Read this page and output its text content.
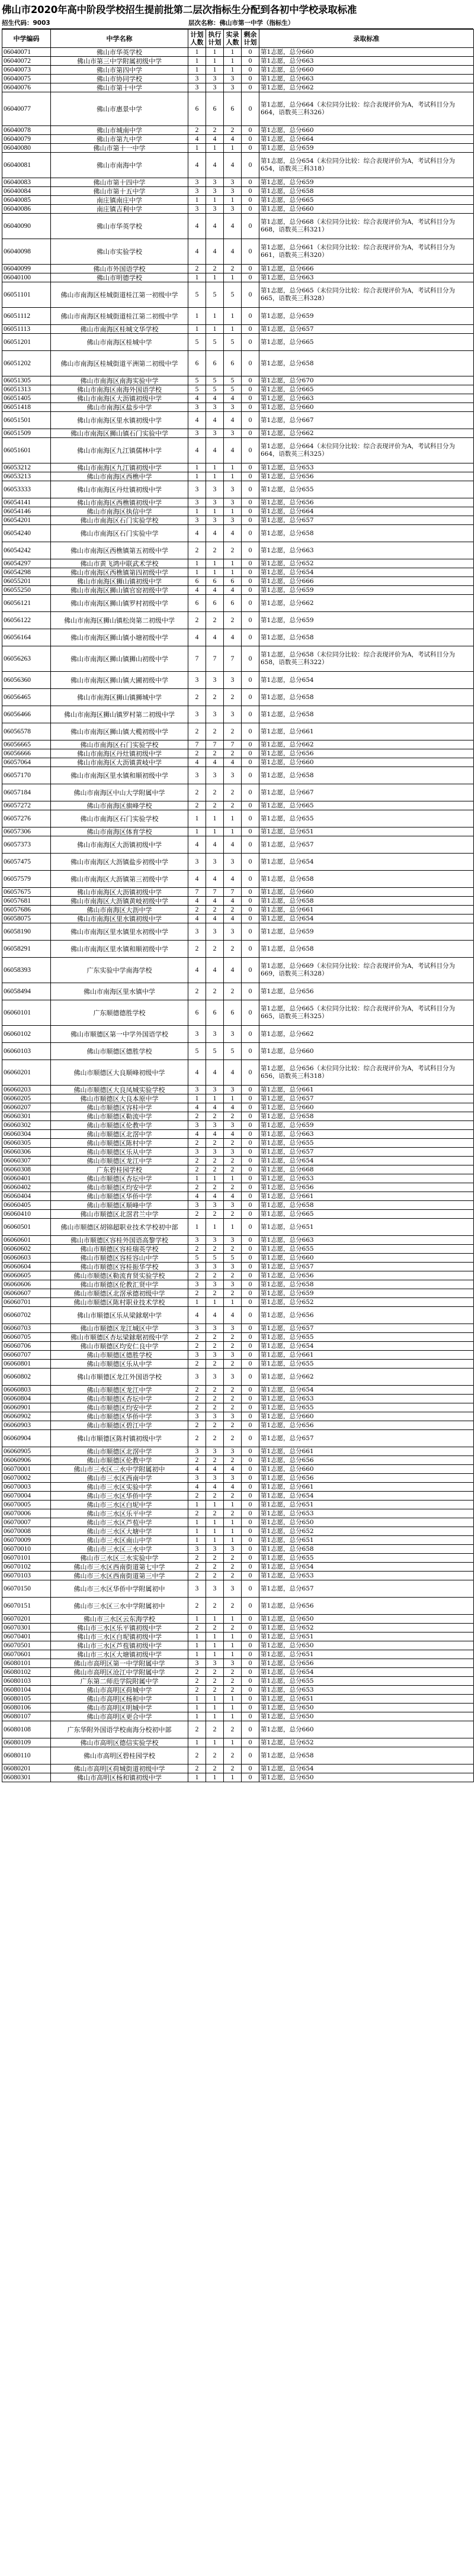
佛山市2020年高中阶段学校招生提前批第二层次指标生分配到各初中学校录取标准
招生代码：9003	层次名称：佛山市第一中学（指标生）
中学编码	中学名称	计划人数	执行计划	实录人数	剩余计划	录取标准
06040071	佛山市华英学校	1	1	1	0	第1志愿，总分660
06040072	佛山市第三中学附属初级中学	1	1	1	0	第1志愿，总分663
06040073	佛山市第四中学	1	1	1	0	第1志愿，总分660
06040075	佛山市协同学校	3	3	3	0	第1志愿，总分663
06040076	佛山市第十中学	3	3	3	0	第1志愿，总分662
06040077	佛山市惠景中学	6	6	6	0	第1志愿，总分664（末位同分比较：综合表现评价为A，考试科目分为664，语数英三科326）
06040078	佛山市城南中学	2	2	2	0	第1志愿，总分660
06040079	佛山市第九中学	4	4	4	0	第1志愿，总分664
06040080	佛山市第十一中学	1	1	1	0	第1志愿，总分659
06040081	佛山市南海中学	4	4	4	0	第1志愿，总分654（末位同分比较：综合表现评价为A，考试科目分为654，语数英三科318）
06040083	佛山市第十四中学	3	3	3	0	第1志愿，总分659
06040084	佛山市第十五中学	3	3	3	0	第1志愿，总分658
06040085	南庄镇南庄中学	1	1	1	0	第1志愿，总分665
06040086	南庄镇吉利中学	3	3	3	0	第1志愿，总分660
06040090	佛山市华英学校	4	4	4	0	第1志愿，总分668（末位同分比较：综合表现评价为A，考试科目分为668，语数英三科321）
06040098	佛山市实验学校	4	4	4	0	第1志愿，总分661（末位同分比较：综合表现评价为A，考试科目分为661，语数英三科320）
06040099	佛山市外国语学校	2	2	2	0	第1志愿，总分666
06040100	佛山市明德学校	1	1	1	0	第1志愿，总分663
06051101	佛山市南海区桂城街道桂江第一初级中学	5	5	5	0	第1志愿，总分665（末位同分比较：综合表现评价为A，考试科目分为665，语数英三科328）
06051112	佛山市南海区桂城街道桂江第二初级中学	1	1	1	0	第1志愿，总分659
06051113	佛山市南海区桂城文华学校	1	1	1	0	第1志愿，总分657
06051201	佛山市南海区桂城中学	5	5	5	0	第1志愿，总分665
06051202	佛山市南海区桂城街道平洲第二初级中学	6	6	6	0	第1志愿，总分658
06051305	佛山市南海区南海实验中学	5	5	5	0	第1志愿，总分670
06051313	佛山市南海区南海外国语学校	5	5	5	0	第1志愿，总分665
06051405	佛山市南海区大沥镇初级中学	4	4	4	0	第1志愿，总分663
06051418	佛山市南海区盐步中学	3	3	3	0	第1志愿，总分660
06051501	佛山市南海区里水镇初级中学	4	4	4	0	第1志愿，总分667
06051509	佛山市南海区狮山镇石门实验中学	3	3	3	0	第1志愿，总分662
06051601	佛山市南海区九江镇儒林中学	4	4	4	0	第1志愿，总分664（末位同分比较：综合表现评价为A，考试科目分为664，语数英三科325）
06053212	佛山市南海区九江镇初级中学	1	1	1	0	第1志愿，总分653
06053213	佛山市南海区西樵中学	1	1	1	0	第1志愿，总分656
06053333	佛山市南海区丹灶镇初级中学	3	3	3	0	第1志愿，总分655
06054141	佛山市南海区西樵镇初级中学	3	3	3	0	第1志愿，总分656
06054146	佛山市南海区执信中学	1	1	1	0	第1志愿，总分664
06054201	佛山市南海区石门实验学校	3	3	3	0	第1志愿，总分657
06054240	佛山市南海区石门实验中学	4	4	4	0	第1志愿，总分658
06054242	佛山市南海区西樵镇第五初级中学	2	2	2	0	第1志愿，总分663
06054297	佛山市黄飞鸿中联武术学校	1	1	1	0	第1志愿，总分652
06054298	佛山市南海区西樵镇第四初级中学	1	1	1	0	第1志愿，总分654
06055201	佛山市南海区狮山镇初级中学	6	6	6	0	第1志愿，总分666
06055250	佛山市南海区狮山镇官窑初级中学	4	4	4	0	第1志愿，总分659
06056121	佛山市南海区狮山镇罗村初级中学	6	6	6	0	第1志愿，总分662
06056122	佛山市南海区狮山镇松岗第二初级中学	2	2	2	0	第1志愿，总分659
06056164	佛山市南海区狮山镇小塘初级中学	4	4	4	0	第1志愿，总分658
06056263	佛山市南海区狮山镇狮山初级中学	7	7	7	0	第1志愿，总分658（末位同分比较：综合表现评价为A，考试科目分为658，语数英三科322）
06056360	佛山市南海区狮山镇大圃初级中学	3	3	3	0	第1志愿，总分654
06056465	佛山市南海区狮山镇狮城中学	2	2	2	0	第1志愿，总分658
06056466	佛山市南海区狮山镇罗村第二初级中学	3	3	3	0	第1志愿，总分658
06056578	佛山市南海区狮山镇大榄初级中学	2	2	2	0	第1志愿，总分661
06056665	佛山市南海区石门实验学校	7	7	7	0	第1志愿，总分662
06056666	佛山市南海区丹灶镇初级中学	2	2	2	0	第1志愿，总分656
06057064	佛山市南海区大沥镇黄岐中学	4	4	4	0	第1志愿，总分660
06057170	佛山市南海区里水镇和顺初级中学	3	3	3	0	第1志愿，总分658
06057184	佛山市南海区中山大学附属中学	2	2	2	0	第1志愿，总分667
06057272	佛山市南海区旗峰学校	2	2	2	0	第1志愿，总分665
06057276	佛山市南海区石门实验学校	1	1	1	0	第1志愿，总分655
06057306	佛山市南海区体育学校	1	1	1	0	第1志愿，总分651
06057373	佛山市南海区大沥镇初级中学	4	4	4	0	第1志愿，总分657
06057475	佛山市南海区大沥镇盐步初级中学	3	3	3	0	第1志愿，总分654
06057579	佛山市南海区大沥镇第三初级中学	4	4	4	0	第1志愿，总分658
06057675	佛山市南海区大沥镇初级中学	7	7	7	0	第1志愿，总分660
06057681	佛山市南海区大沥镇黄岐初级中学	4	4	4	0	第1志愿，总分658
06057686	佛山市南海区大沥中学	2	2	2	0	第1志愿，总分661
06058075	佛山市南海区里水镇初级中学	4	4	4	0	第1志愿，总分654
06058190	佛山市南海区里水镇里水初级中学	3	3	3	0	第1志愿，总分659
06058291	佛山市南海区里水镇和顺初级中学	2	2	2	0	第1志愿，总分658
06058393	广东实验中学南海学校	4	4	4	0	第1志愿，总分669（末位同分比较：综合表现评价为A，考试科目分为669，语数英三科328）
06058494	佛山市南海区里水镇中学	2	2	2	0	第1志愿，总分656
06060101	广东顺德德胜学校	6	6	6	0	第1志愿，总分665（末位同分比较：综合表现评价为A，考试科目分为665，语数英三科325）
06060102	佛山市顺德区第一中学外国语学校	3	3	3	0	第1志愿，总分662
06060103	佛山市顺德区德胜学校	5	5	5	0	第1志愿，总分660
06060201	佛山市顺德区大良顺峰初级中学	4	4	4	0	第1志愿，总分656（末位同分比较：综合表现评价为A，考试科目分为656，语数英三科318）
06060203	佛山市顺德区大良凤城实验学校	3	3	3	0	第1志愿，总分661
06060205	佛山市顺德区大良本原中学	1	1	1	0	第1志愿，总分657
06060207	佛山市顺德区容桂中学	4	4	4	0	第1志愿，总分660
06060301	佛山市顺德区勒流中学	2	2	2	0	第1志愿，总分658
06060302	佛山市顺德区伦教中学	3	3	3	0	第1志愿，总分659
06060304	佛山市顺德区北滘中学	4	4	4	0	第1志愿，总分663
06060305	佛山市顺德区陈村中学	2	2	2	0	第1志愿，总分655
06060306	佛山市顺德区乐从中学	3	3	3	0	第1志愿，总分657
06060307	佛山市顺德区龙江中学	2	2	2	0	第1志愿，总分654
06060308	广东碧桂园学校	2	2	2	0	第1志愿，总分668
06060401	佛山市顺德区杏坛中学	1	1	1	0	第1志愿，总分653
06060402	佛山市顺德区均安中学	2	2	2	0	第1志愿，总分656
06060404	佛山市顺德区华侨中学	4	4	4	0	第1志愿，总分661
06060405	佛山市顺德区顺峰中学	3	3	3	0	第1志愿，总分658
06060410	佛山市顺德区北滘君兰中学	2	2	2	0	第1志愿，总分665
06060501	佛山市顺德区胡锦超职业技术学校初中部	1	1	1	0	第1志愿，总分651
06060601	佛山市顺德区容桂外国语高黎学校	3	3	3	0	第1志愿，总分663
06060602	佛山市顺德区容桂瑞英学校	2	2	2	0	第1志愿，总分655
06060603	佛山市顺德区容桂容山中学	5	5	5	0	第1志愿，总分660
06060604	佛山市顺德区容桂振华学校	3	3	3	0	第1志愿，总分657
06060605	佛山市顺德区勒流育贤实验学校	2	2	2	0	第1志愿，总分656
06060606	佛山市顺德区伦教汇贤中学	3	3	3	0	第1志愿，总分658
06060607	佛山市顺德区北滘承德初级中学	2	2	2	0	第1志愿，总分659
06060701	佛山市顺德区陈村职业技术学校	1	1	1	0	第1志愿，总分652
06060702	佛山市顺德区乐从梁銶琚中学	4	4	4	0	第1志愿，总分656
06060703	佛山市顺德区龙江城区中学	3	3	3	0	第1志愿，总分657
06060705	佛山市顺德区杏坛梁銶琚初级中学	2	2	2	0	第1志愿，总分655
06060706	佛山市顺德区均安仁良中学	2	2	2	0	第1志愿，总分654
06060707	佛山市顺德区德胜学校	3	3	3	0	第1志愿，总分661
06060801	佛山市顺德区乐从中学	2	2	2	0	第1志愿，总分655
06060802	佛山市顺德区龙江外国语学校	3	3	3	0	第1志愿，总分662
06060803	佛山市顺德区龙江中学	2	2	2	0	第1志愿，总分654
06060804	佛山市顺德区杏坛中学	2	2	2	0	第1志愿，总分653
06060901	佛山市顺德区均安中学	2	2	2	0	第1志愿，总分655
06060902	佛山市顺德区华侨中学	3	3	3	0	第1志愿，总分660
06060903	佛山市顺德区碧江中学	2	2	2	0	第1志愿，总分656
06060904	佛山市顺德区陈村镇初级中学	2	2	2	0	第1志愿，总分657
06060905	佛山市顺德区北滘中学	3	3	3	0	第1志愿，总分661
06060906	佛山市顺德区伦教中学	2	2	2	0	第1志愿，总分656
06070001	佛山市三水区三水中学附属初中	4	4	4	0	第1志愿，总分660
06070002	佛山市三水区西南中学	3	3	3	0	第1志愿，总分656
06070003	佛山市三水区实验中学	4	4	4	0	第1志愿，总分661
06070004	佛山市三水区华侨中学	2	2	2	0	第1志愿，总分654
06070005	佛山市三水区白坭中学	1	1	1	0	第1志愿，总分651
06070006	佛山市三水区乐平中学	2	2	2	0	第1志愿，总分653
06070007	佛山市三水区芦苞中学	1	1	1	0	第1志愿，总分650
06070008	佛山市三水区大塘中学	1	1	1	0	第1志愿，总分652
06070009	佛山市三水区南山中学	1	1	1	0	第1志愿，总分651
06070010	佛山市三水区三水中学	3	3	3	0	第1志愿，总分658
06070101	佛山市三水区三水实验中学	2	2	2	0	第1志愿，总分655
06070102	佛山市三水区西南街道第七中学	2	2	2	0	第1志愿，总分654
06070103	佛山市三水区西南街道第三中学	2	2	2	0	第1志愿，总分653
06070150	佛山市三水区华侨中学附属初中	3	3	3	0	第1志愿，总分657
06070151	佛山市三水区三水中学附属初中	2	2	2	0	第1志愿，总分656
06070201	佛山市三水区云东海学校	1	1	1	0	第1志愿，总分650
06070301	佛山市三水区乐平镇初级中学	2	2	2	0	第1志愿，总分652
06070401	佛山市三水区白坭镇初级中学	1	1	1	0	第1志愿，总分651
06070501	佛山市三水区芦苞镇初级中学	1	1	1	0	第1志愿，总分650
06070601	佛山市三水区大塘镇初级中学	1	1	1	0	第1志愿，总分651
06080101	佛山市高明区第一中学附属中学	3	3	3	0	第1志愿，总分656
06080102	佛山市高明区沧江中学附属中学	2	2	2	0	第1志愿，总分654
06080103	广东第二师范学院附属中学	2	2	2	0	第1志愿，总分655
06080104	佛山市高明区荷城中学	2	2	2	0	第1志愿，总分653
06080105	佛山市高明区杨和中学	1	1	1	0	第1志愿，总分651
06080106	佛山市高明区明城中学	1	1	1	0	第1志愿，总分650
06080107	佛山市高明区更合中学	1	1	1	0	第1志愿，总分650
06080108	广东华附外国语学校南海分校初中部	2	2	2	0	第1志愿，总分660
06080109	佛山市高明区德信实验学校	1	1	1	0	第1志愿，总分652
06080110	佛山市高明区碧桂园学校	2	2	2	0	第1志愿，总分658
06080201	佛山市高明区荷城街道初级中学	2	2	2	0	第1志愿，总分654
06080301	佛山市高明区杨和镇初级中学	1	1	1	0	第1志愿，总分650
